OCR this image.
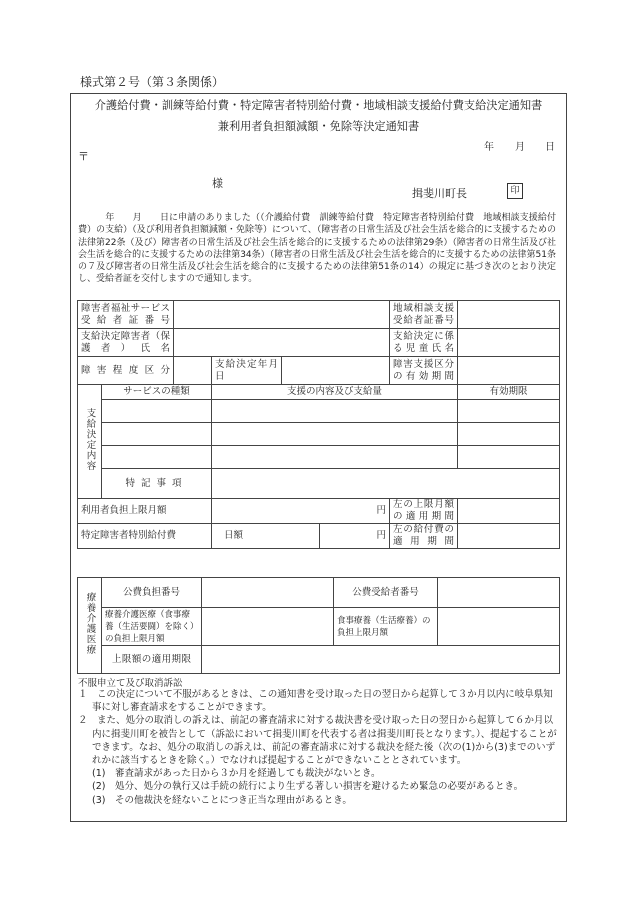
様式第２号（第３条関係）
介護給付費・訓練等給付費・特定障害者特別給付費・地域相談支援給付費支給決定通知書
兼利用者負担額減額・免除等決定通知書
年 月 日
〒
様
揖斐川町長	印

　　　年　　月　　日に申請のありました（（介護給付費　訓練等給付費　特定障害者特別給付費　地域相談支援給付費）の支給）（及び利用者負担額減額・免除等）について、（障害者の日常生活及び社会生活を総合的に支援するための法律第22条（及び）障害者の日常生活及び社会生活を総合的に支援するための法律第29条）（障害者の日常生活及び社会生活を総合的に支援するための法律第34条）（障害者の日常生活及び社会生活を総合的に支援するための法律第51条の７及び障害者の日常生活及び社会生活を総合的に支援するための法律第51条の14）の規定に基づき次のとおり決定し、受給者証を交付しますので通知します。

障害者福祉サービス受給者証番号						地域相談支援受給者証番号	

支給決定障害者（保護者）氏名						支給決定に係る児童氏名	
障害程度区分			支給決定年月日			障害支援区分の有効期間	
支給決定内容	サービスの種類		支援の内容及び支給量				有効期限

	特記事項						
利用者負担上限月額			円			左の上限月額の適用期間	
特定障害者特別給付費			日額		円	左の給付費の適用期間	
療養介護医療	公費負担番号		公費受給者番号	

	療養介護医療（食事療養（生活要闘）を除く）の負担上限月額		食事療養（生活療養）の負担上限月額	
	上限額の適用期限			
不服申立て及び取消訴訟
１　この決定について不服があるときは、この通知書を受け取った日の翌日から起算して３か月以内に岐阜県知事に対し審査請求をすることができます。
２　また、処分の取消しの訴えは、前記の審査請求に対する裁決書を受け取った日の翌日から起算して６か月以内に揖斐川町を被告として（訴訟において揖斐川町を代表する者は揖斐川町長となります。）、提起することができます。なお、処分の取消しの訴えは、前記の審査請求に対する裁決を経た後（次の(1)から(3)までのいずれかに該当するときを除く。）でなければ提起することができないこととされています。
(1)　審査請求があった日から３か月を経過しても裁決がないとき。
(2)　処分、処分の執行又は手続の続行により生ずる著しい損害を避けるため緊急の必要があるとき。
(3)　その他裁決を経ないことにつき正当な理由があるとき。
